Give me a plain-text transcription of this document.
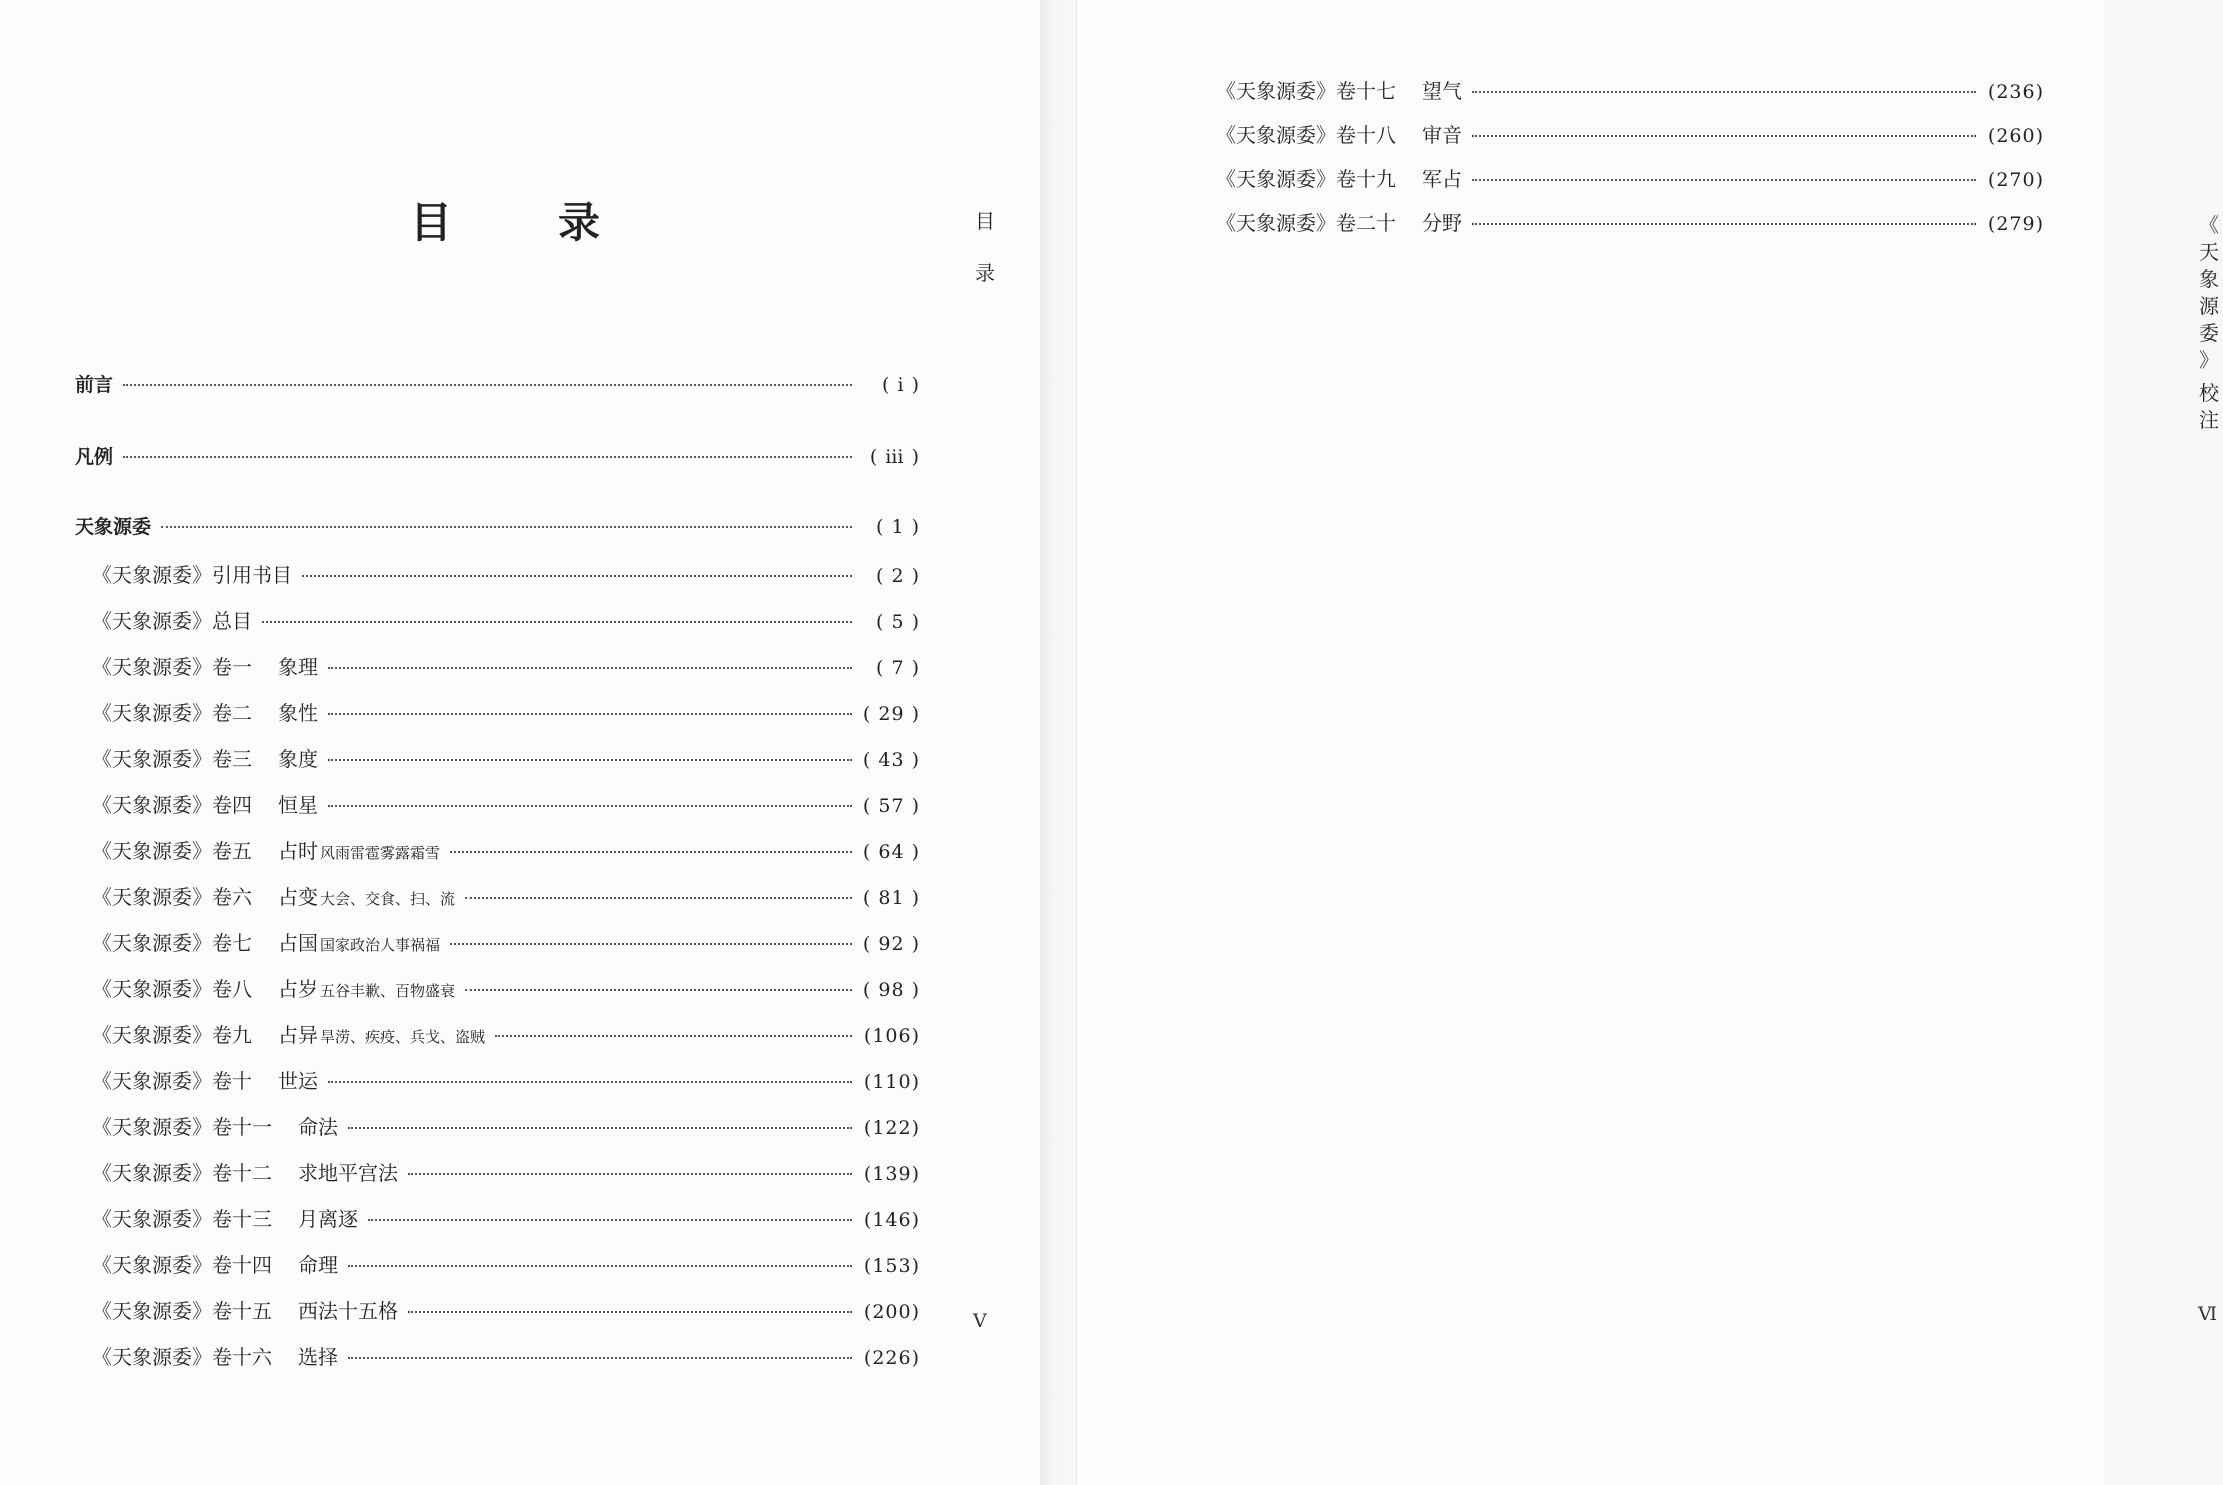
目	录	目
录
V
前言	( ⅰ )
凡例	( ⅲ )
天象源委	( 1 )
《天象源委》引用书目	( 2 )
《天象源委》总目	( 5 )
《天象源委》卷一 象理	( 7 )
《天象源委》卷二 象性	( 29 )
《天象源委》卷三 象度	( 43 )
《天象源委》卷四 恒星	( 57 )
《天象源委》卷五 占时 风雨雷雹雾露霜雪	( 64 )
《天象源委》卷六 占变 大会、交食、扫、流	( 81 )
《天象源委》卷七 占国 国家政治人事祸福	( 92 )
《天象源委》卷八 占岁 五谷丰歉、百物盛衰	( 98 )
《天象源委》卷九 占异 旱涝、疾疫、兵戈、盗贼	(106)
《天象源委》卷十 世运	(110)
《天象源委》卷十一 命法	(122)
《天象源委》卷十二 求地平宫法	(139)
《天象源委》卷十三 月离逐	(146)
《天象源委》卷十四 命理	(153)
《天象源委》卷十五 西法十五格	(200)
《天象源委》卷十六 选择	(226)
《
天
象
源
委
》
校
注
Ⅵ
《天象源委》卷十七 望气	(236)
《天象源委》卷十八 审音	(260)
《天象源委》卷十九 军占	(270)
《天象源委》卷二十 分野	(279)
